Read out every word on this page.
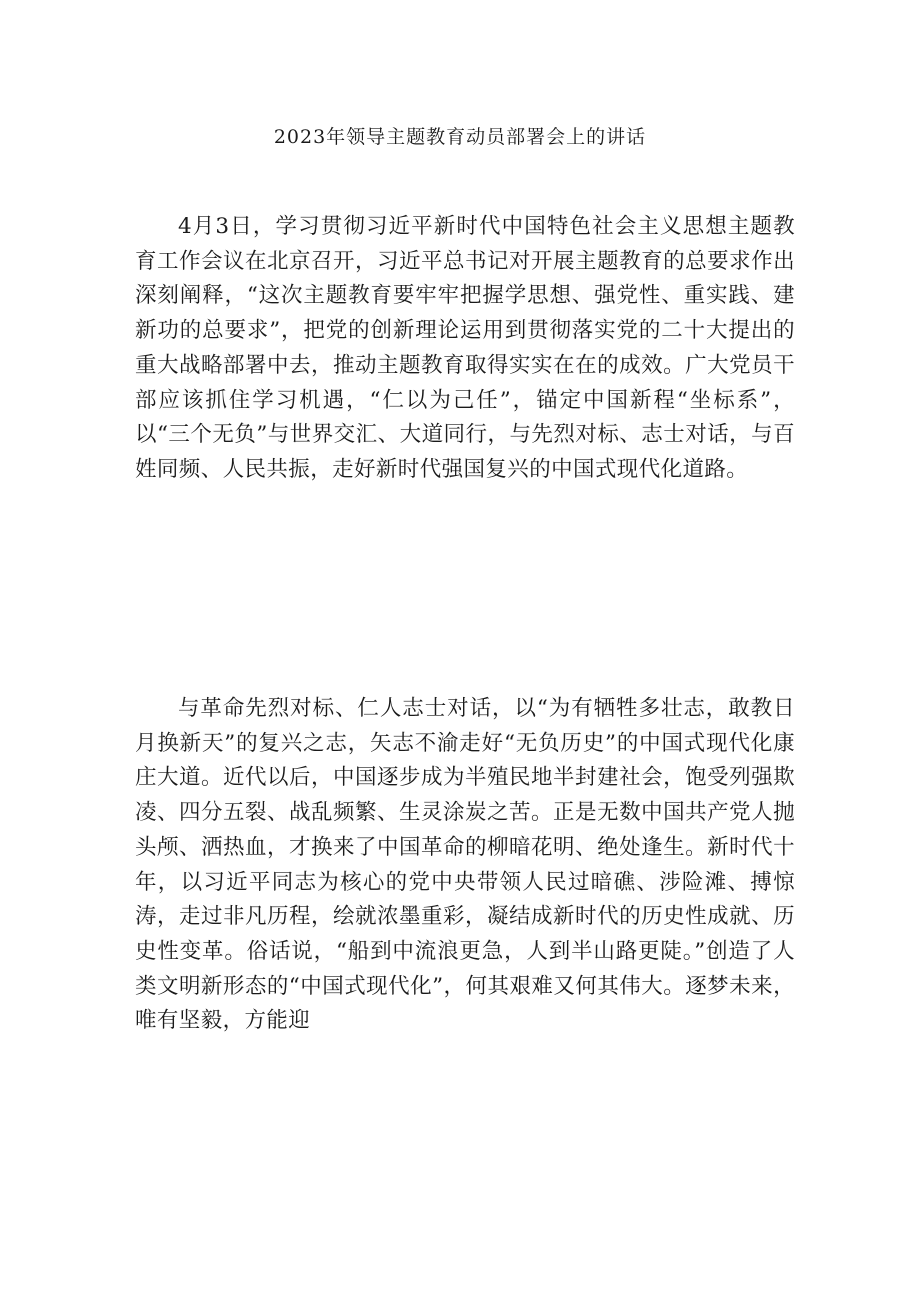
2023年领导主题教育动员部署会上的讲话

4月3日，学习贯彻习近平新时代中国特色社会主义思想主题教育工作会议在北京召开，习近平总书记对开展主题教育的总要求作出深刻阐释，“这次主题教育要牢牢把握学思想、强党性、重实践、建新功的总要求”，把党的创新理论运用到贯彻落实党的二十大提出的重大战略部署中去，推动主题教育取得实实在在的成效。广大党员干部应该抓住学习机遇，“仁以为己任”，锚定中国新程“坐标系”，以“三个无负”与世界交汇、大道同行，与先烈对标、志士对话，与百姓同频、人民共振，走好新时代强国复兴的中国式现代化道路。

与革命先烈对标、仁人志士对话，以“为有牺牲多壮志，敢教日月换新天”的复兴之志，矢志不渝走好“无负历史”的中国式现代化康庄大道。近代以后，中国逐步成为半殖民地半封建社会，饱受列强欺凌、四分五裂、战乱频繁、生灵涂炭之苦。正是无数中国共产党人抛头颅、洒热血，才换来了中国革命的柳暗花明、绝处逢生。新时代十年，以习近平同志为核心的党中央带领人民过暗礁、涉险滩、搏惊涛，走过非凡历程，绘就浓墨重彩，凝结成新时代的历史性成就、历史性变革。俗话说，“船到中流浪更急，人到半山路更陡。”创造了人类文明新形态的“中国式现代化”，何其艰难又何其伟大。逐梦未来，唯有坚毅，方能迎
